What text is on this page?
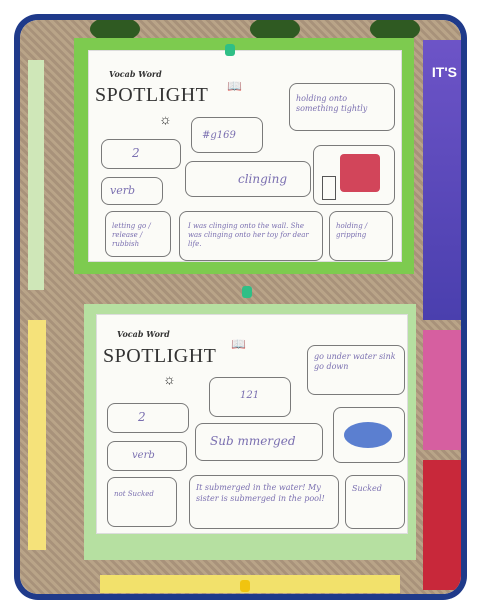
IT'S
Vocab Word
SPOTLIGHT
☼
📖
2
verb
#g169
clinging
holding onto something tightly
letting go / release / rubbish
I was clinging onto the wall. She was clinging onto her toy for dear life.
holding / gripping
Vocab Word
SPOTLIGHT
☼
📖
2
verb
121
Sub mmerged
go under water sink go down
not Sucked
It submerged in the water! My sister is submerged in the pool!
Sucked
